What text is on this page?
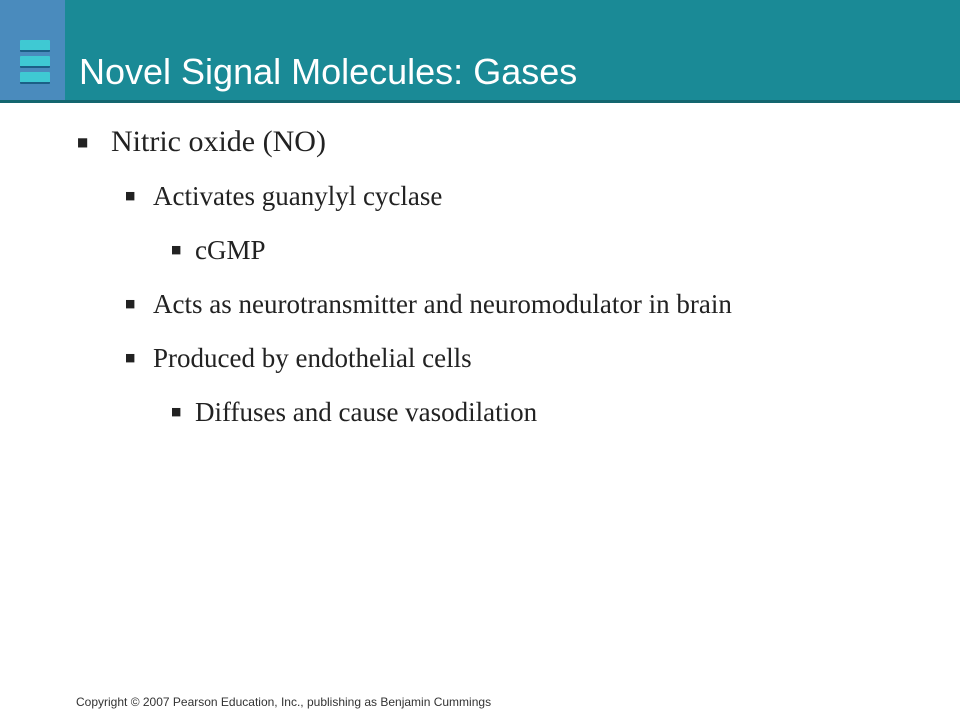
Novel Signal Molecules: Gases
■ Nitric oxide (NO)
■ Activates guanylyl cyclase
■ cGMP
■ Acts as neurotransmitter and neuromodulator in brain
■ Produced by endothelial cells
■ Diffuses and cause vasodilation
Copyright © 2007 Pearson Education, Inc., publishing as Benjamin Cummings
